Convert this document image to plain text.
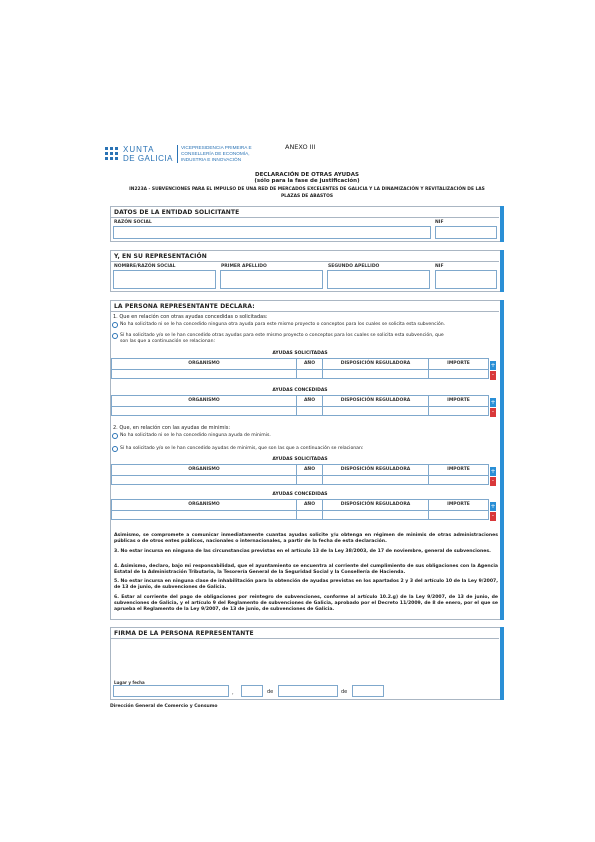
XUNTA
DE GALICIA
VICEPRESIDENCIA PRIMEIRA E
CONSELLERÍA DE ECONOMÍA,
INDUSTRIA E INNOVACIÓN
ANEXO III
DECLARACIÓN DE OTRAS AYUDAS
(sólo para la fase de justificación)
IN223A - SUBVENCIONES PARA EL IMPULSO DE UNA RED DE MERCADOS EXCELENTES DE GALICIA Y LA DINAMIZACIÓN Y REVITALIZACIÓN DE LAS
PLAZAS DE ABASTOS
DATOS DE LA ENTIDAD SOLICITANTE
RAZÓN SOCIAL	NIF
Y, EN SU REPRESENTACIÓN
NOMBRE/RAZÓN SOCIAL	PRIMER APELLIDO	SEGUNDO APELLIDO	NIF
LA PERSONA REPRESENTANTE DECLARA:
1. Que en relación con otras ayudas concedidas o solicitadas:
No ha solicitado ni se le ha concedido ninguna otra ayuda para este mismo proyecto o conceptos para los cuales se solicita esta subvención.
Sí ha solicitado y/o se le han concedido otras ayudas para este mismo proyecto o conceptos para los cuales se solicita esta subvención, que
son las que a continuación se relacionan:
AYUDAS SOLICITADAS
ORGANISMO	AÑO	DISPOSICIÓN REGULADORA	IMPORTE	+
-
AYUDAS CONCEDIDAS
ORGANISMO	AÑO	DISPOSICIÓN REGULADORA	IMPORTE	+
-
2. Que, en relación con las ayudas de minimis:
No ha solicitado ni se le ha concedido ninguna ayuda de minimis.
Sí ha solicitado y/o se le han concedido ayudas de minimis, que son las que a continuación se relacionan:
AYUDAS SOLICITADAS
ORGANISMO	AÑO	DISPOSICIÓN REGULADORA	IMPORTE	+
-
AYUDAS CONCEDIDAS
ORGANISMO	AÑO	DISPOSICIÓN REGULADORA	IMPORTE	+
-
Asimismo, se compromete a comunicar inmediatamente cuantas ayudas solicite y/u obtenga en régimen de minimis de otras administraciones públicas o de otros entes públicos, nacionales o internacionales, a partir de la fecha de esta declaración.
3. No estar incursa en ninguna de las circunstancias previstas en el artículo 13 de la Ley 38/2003, de 17 de noviembre, general de subvenciones.
4. Asimismo, declaro, bajo mi responsabilidad, que el ayuntamiento se encuentra al corriente del cumplimiento de sus obligaciones con la Agencia Estatal de la Administración Tributaria, la Tesorería General de la Seguridad Social y la Consellería de Hacienda.
5. No estar incursa en ninguna clase de inhabilitación para la obtención de ayudas previstas en los apartados 2 y 3 del artículo 10 de la Ley 9/2007, de 13 de junio, de subvenciones de Galicia.
6. Estar al corriente del pago de obligaciones por reintegro de subvenciones, conforme al artículo 10.2.g) de la Ley 9/2007, de 13 de junio, de subvenciones de Galicia, y el artículo 9 del Reglamento de subvenciones de Galicia, aprobado por el Decreto 11/2009, de 8 de enero, por el que se aprueba el Reglamento de la Ley 9/2007, de 13 de junio, de subvenciones de Galicia.
FIRMA DE LA PERSONA REPRESENTANTE
Lugar y fecha
,	de	de
Dirección General de Comercio y Consumo
